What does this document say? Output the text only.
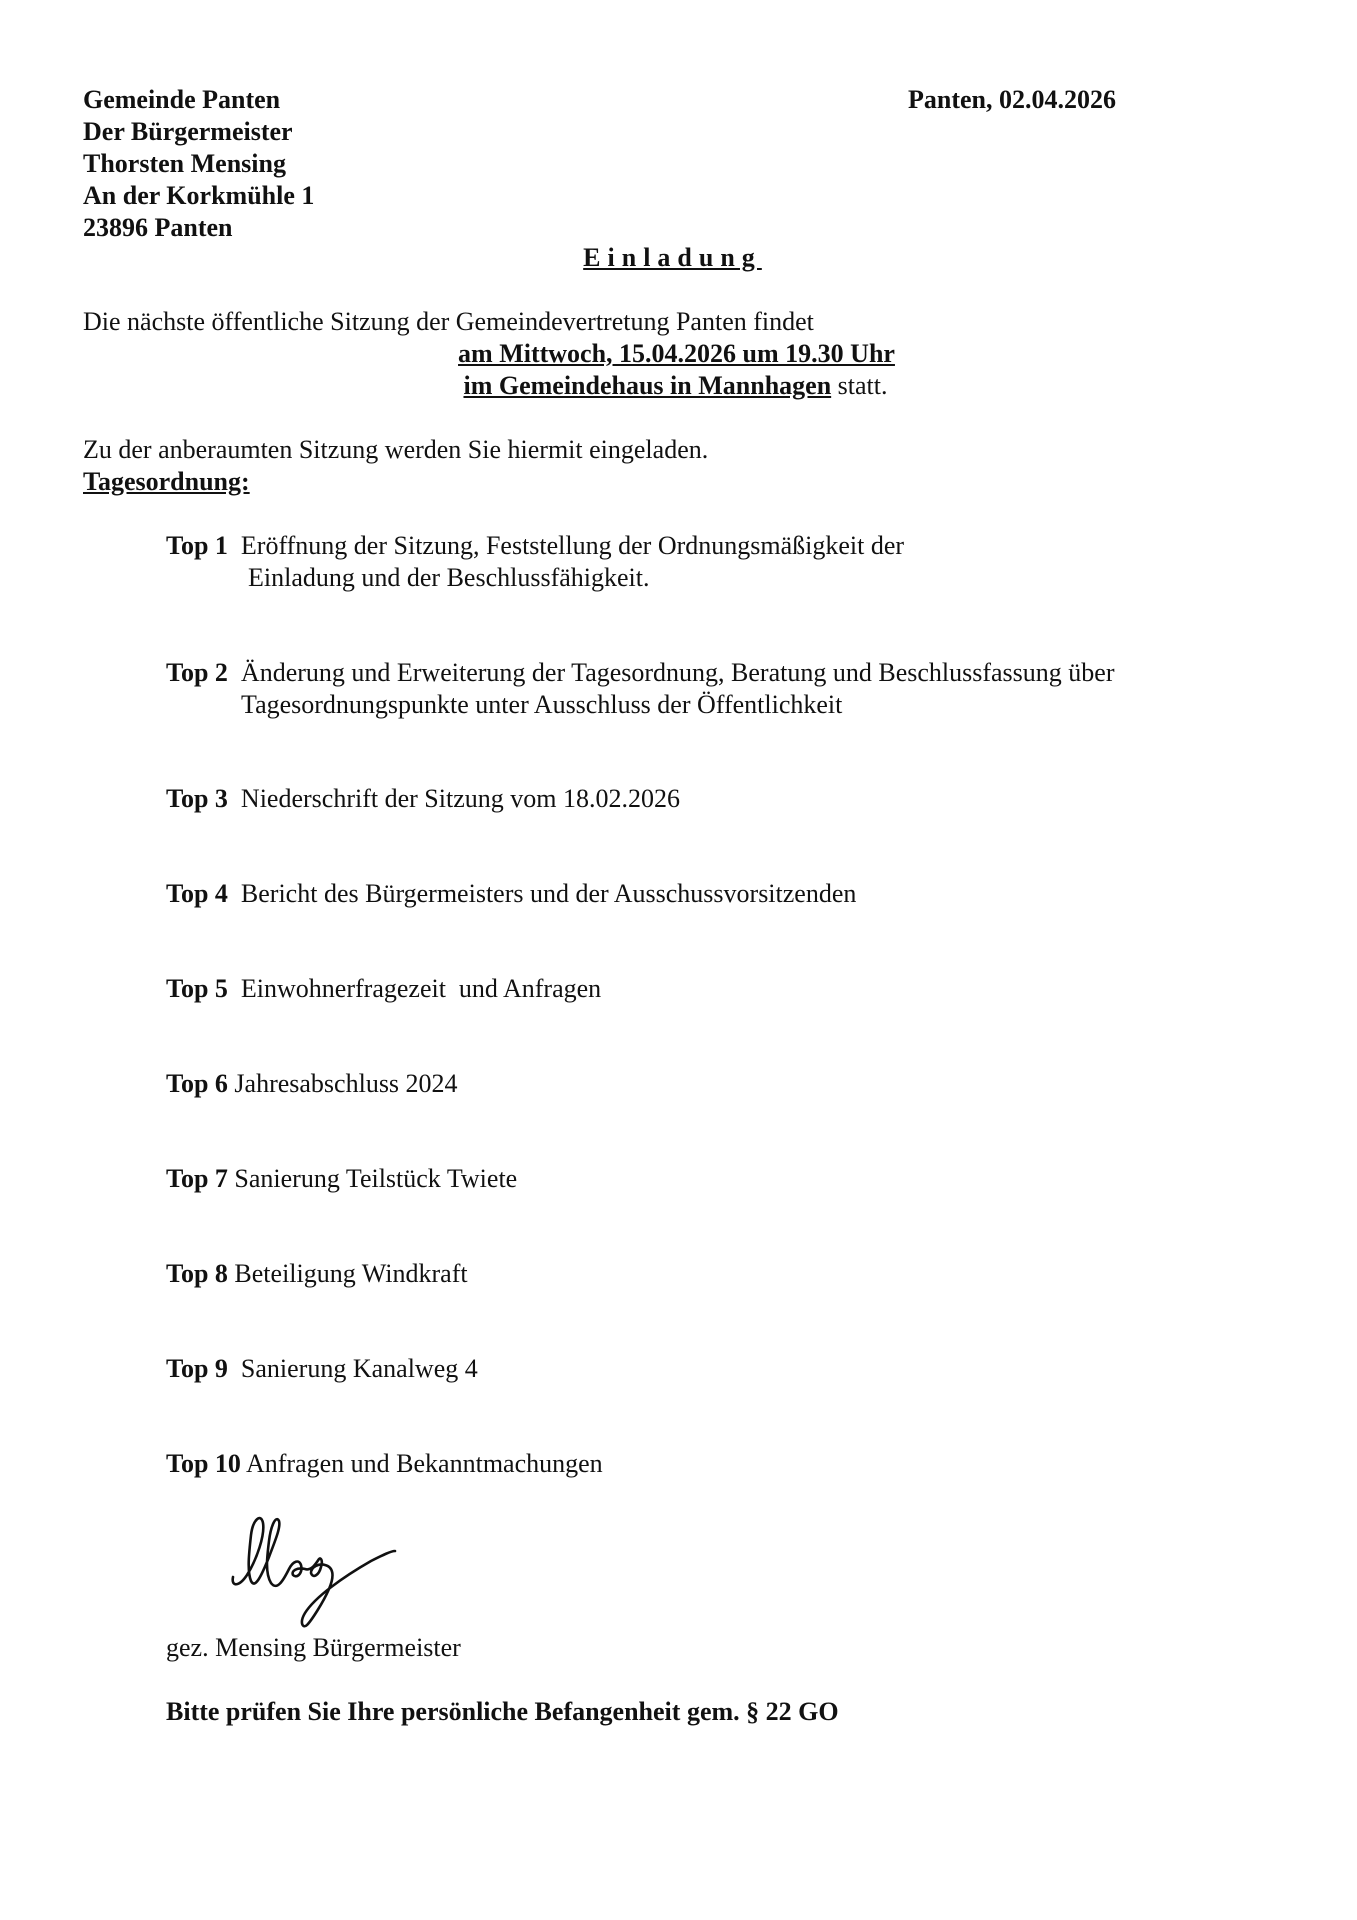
Gemeinde Panten
Der Bürgermeister
Thorsten Mensing
An der Korkmühle 1
23896 Panten
Panten, 02.04.2026
Einladung
Die nächste öffentliche Sitzung der Gemeindevertretung Panten findet
am Mittwoch, 15.04.2026 um 19.30 Uhr
im Gemeindehaus in Mannhagen statt.
Zu der anberaumten Sitzung werden Sie hiermit eingeladen.
Tagesordnung:
Top 1 Eröffnung der Sitzung, Feststellung der Ordnungsmäßigkeit der
Einladung und der Beschlussfähigkeit.
Top 2 Änderung und Erweiterung der Tagesordnung, Beratung und Beschlussfassung über
Tagesordnungspunkte unter Ausschluss der Öffentlichkeit
Top 3 Niederschrift der Sitzung vom 18.02.2026
Top 4 Bericht des Bürgermeisters und der Ausschussvorsitzenden
Top 5 Einwohnerfragezeit  und Anfragen
Top 6 Jahresabschluss 2024
Top 7 Sanierung Teilstück Twiete
Top 8 Beteiligung Windkraft
Top 9 Sanierung Kanalweg 4
Top 10 Anfragen und Bekanntmachungen
gez. Mensing Bürgermeister
Bitte prüfen Sie Ihre persönliche Befangenheit gem. § 22 GO
